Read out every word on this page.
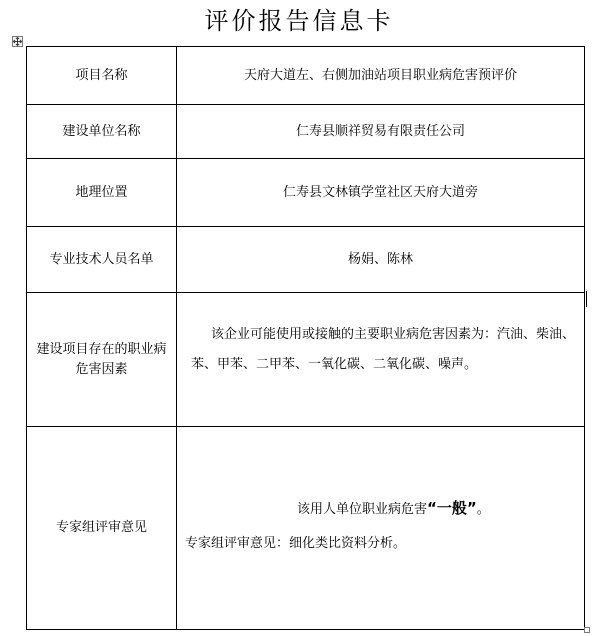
评价报告信息卡
项目名称	天府大道左、右侧加油站项目职业病危害预评价
建设单位名称	仁寿县顺祥贸易有限责任公司
地理位置	仁寿县文林镇学堂社区天府大道旁
专业技术人员名单	杨娟、陈林
建设项目存在的职业病危害因素	该企业可能使用或接触的主要职业病危害因素为：汽油、柴油、苯、甲苯、二甲苯、一氧化碳、二氧化碳、噪声。

专家组评审意见	该用人单位职业病危害“一般”。
专家组评审意见：细化类比资料分析。
